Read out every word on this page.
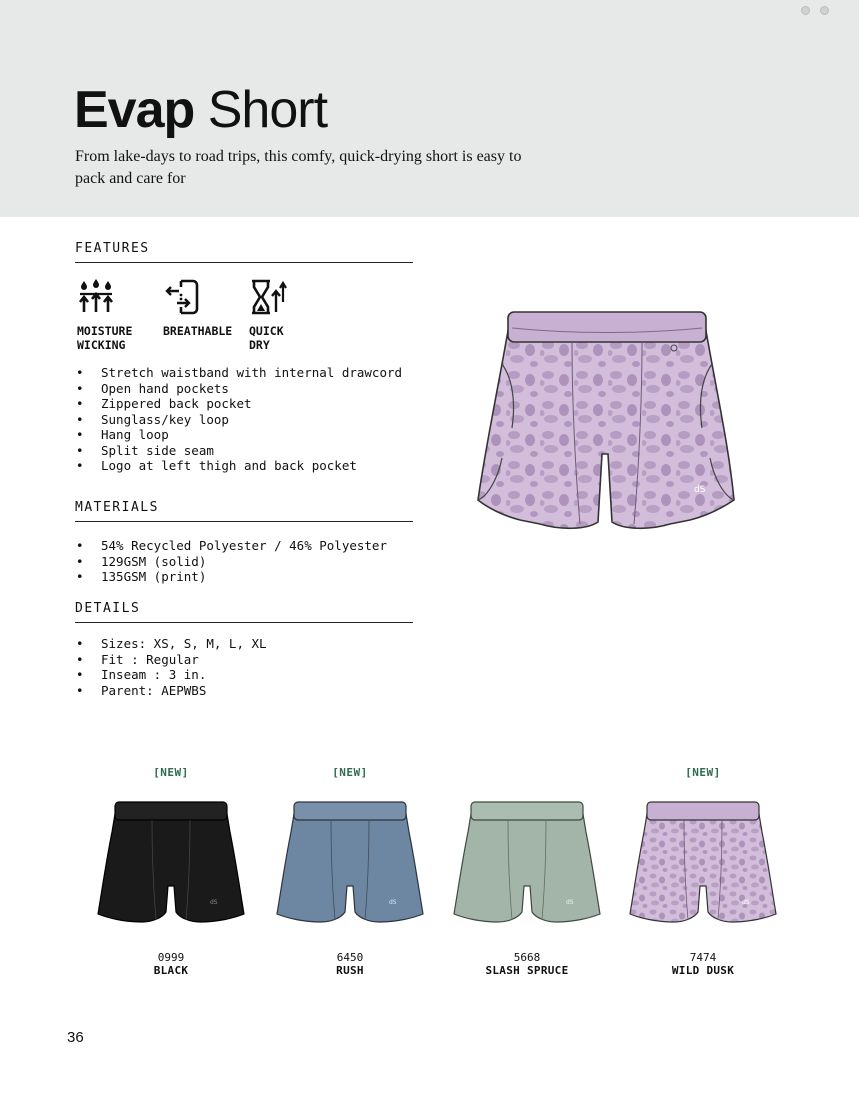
Evap Short
From lake-days to road trips, this comfy, quick-drying short is easy to pack and care for
FEATURES
MOISTURE
WICKING
BREATHABLE	QUICK
DRY
• Stretch waistband with internal drawcord
• Open hand pockets
• Zippered back pocket
• Sunglass/key loop
• Hang loop
• Split side seam
• Logo at left thigh and back pocket
MATERIALS
• 54% Recycled Polyester / 46% Polyester
• 129GSM (solid)
• 135GSM (print)
DETAILS
• Sizes: XS, S, M, L, XL
• Fit : Regular
• Inseam : 3 in.
• Parent: AEPWBS
dS
[NEW]
dS
0999
BLACK
[NEW]
dS
6450
RUSH
dS
5668
SLASH SPRUCE
[NEW]
dS
7474
WILD DUSK
36
